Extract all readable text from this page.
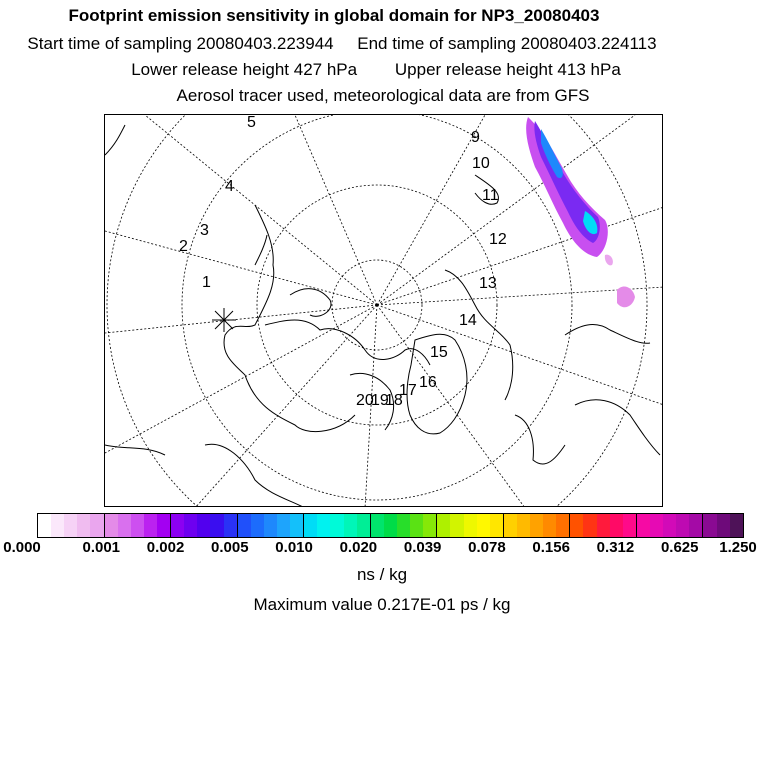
Footprint emission sensitivity in global domain for NP3_20080403
Start time of sampling 20080403.223944 End time of sampling 20080403.224113
Lower release height 427 hPa Upper release height 413 hPa
Aerosol tracer used, meteorological data are from GFS
1
2
3
4
5
9
10
11
12
13
14
15
16
17
18
19
20
0.000	0.001 0.002 0.005 0.010 0.020 0.039 0.078 0.156 0.312 0.625 1.250
ns / kg
Maximum value 0.217E-01 ps / kg
